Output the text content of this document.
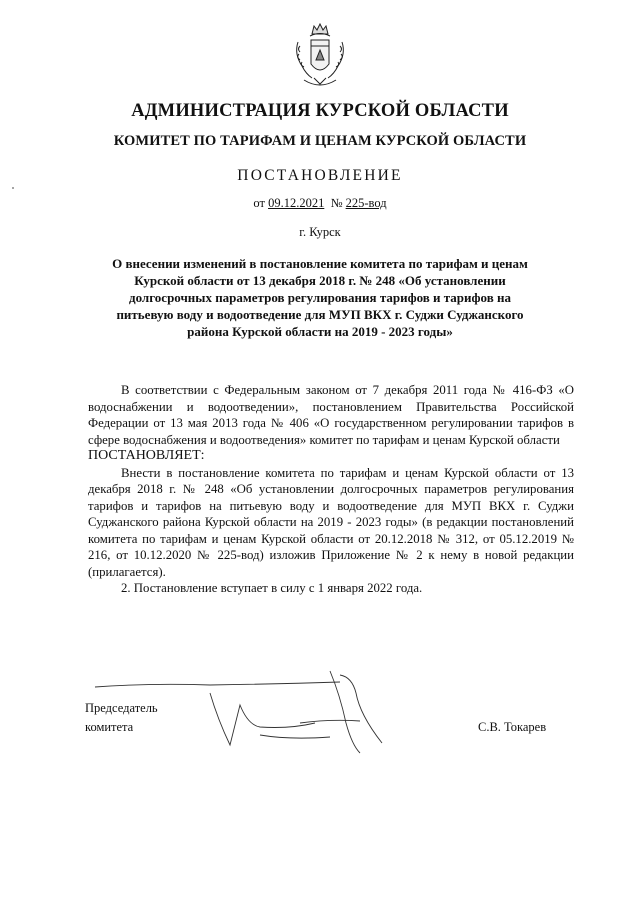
АДМИНИСТРАЦИЯ КУРСКОЙ ОБЛАСТИ
КОМИТЕТ ПО ТАРИФАМ И ЦЕНАМ КУРСКОЙ ОБЛАСТИ
ПОСТАНОВЛЕНИЕ
от 09.12.2021 № 225-вод
г. Курск
О внесении изменений в постановление комитета по тарифам и ценам
Курской области от 13 декабря 2018 г. № 248 «Об установлении
долгосрочных параметров регулирования тарифов и тарифов на
питьевую воду и водоотведение для МУП ВКХ г. Суджи Суджанского
района Курской области на 2019 - 2023 годы»

В соответствии с Федеральным законом от 7 декабря 2011 года № 416-ФЗ «О водоснабжении и водоотведении», постановлением Правительства Российской Федерации от 13 мая 2013 года № 406 «О государственном регулировании тарифов в сфере водоснабжения и водоотведения» комитет по тарифам и ценам Курской области

ПОСТАНОВЛЯЕТ:

Внести в постановление комитета по тарифам и ценам Курской области от 13 декабря 2018 г. № 248 «Об установлении долгосрочных параметров регулирования тарифов и тарифов на питьевую воду и водоотведение для МУП ВКХ г. Суджи Суджанского района Курской области на 2019 - 2023 годы» (в редакции постановлений комитета по тарифам и ценам Курской области от 20.12.2018 № 312, от 05.12.2019 № 216, от 10.12.2020 № 225-вод) изложив Приложение № 2 к нему в новой редакции (прилагается).

2. Постановление вступает в силу с 1 января 2022 года.

Председатель
комитета	С.В. Токарев
